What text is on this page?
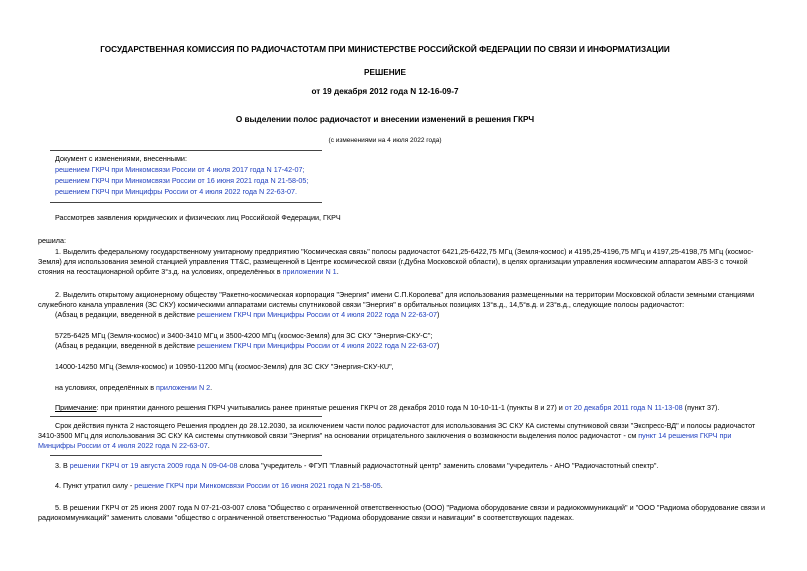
ГОСУДАРСТВЕННАЯ КОМИССИЯ ПО РАДИОЧАСТОТАМ ПРИ МИНИСТЕРСТВЕ РОССИЙСКОЙ ФЕДЕРАЦИИ ПО СВЯЗИ И ИНФОРМАТИЗАЦИИ
РЕШЕНИЕ
от 19 декабря 2012 года N 12-16-09-7
О выделении полос радиочастот и внесении изменений в решения ГКРЧ
(с изменениями на 4 июля 2022 года)
Документ с изменениями, внесенными:
решением ГКРЧ при Минкомсвязи России от 4 июля 2017 года N 17-42-07;
решением ГКРЧ при Минкомсвязи России от 16 июня 2021 года N 21-58-05;
решением ГКРЧ при Минцифры России от 4 июля 2022 года N 22-63-07.
Рассмотрев заявления юридических и физических лиц Российской Федерации, ГКРЧ
решила:
1. Выделить федеральному государственному унитарному предприятию "Космическая связь" полосы радиочастот 6421,25-6422,75 МГц (Земля-космос) и 4195,25-4196,75 МГц и 4197,25-4198,75 МГц (космос-
Земля) для использования земной станцией управления TT&C, размещенной в Центре космической связи (г.Дубна Московской области), в целях организации управления космическим аппаратом ABS-3 с точкой
стояния на геостационарной орбите 3°з.д. на условиях, определённых в приложении N 1.
2. Выделить открытому акционерному обществу "Ракетно-космическая корпорация "Энергия" имени С.П.Королева" для использования размещенными на территории Московской области земными станциями
служебного канала управления (ЗС СКУ) космическими аппаратами системы спутниковой связи "Энергия" в орбитальных позициях 13°в.д., 14,5°в.д. и 23°в.д., следующие полосы радиочастот:
(Абзац в редакции, введенной в действие решением ГКРЧ при Минцифры России от 4 июля 2022 года N 22-63-07)
5725-6425 МГц (Земля-космос) и 3400-3410 МГц и 3500-4200 МГц (космос-Земля) для ЗС СКУ "Энергия-СКУ-С";
(Абзац в редакции, введенной в действие решением ГКРЧ при Минцифры России от 4 июля 2022 года N 22-63-07)
14000-14250 МГц (Земля-космос) и 10950-11200 МГц (космос-Земля) для ЗС СКУ "Энергия-СКУ-КU",
на условиях, определённых в приложении N 2.
Примечание: при принятии данного решения ГКРЧ учитывались ранее принятые решения ГКРЧ от 28 декабря 2010 года N 10-10-11-1 (пункты 8 и 27) и от 20 декабря 2011 года N 11-13-08 (пункт 37).
Срок действия пункта 2 настоящего Решения продлен до 28.12.2030, за исключением части полос радиочастот для использования ЗС СКУ КА системы спутниковой связи "Экспресс-ВД" и полосы радиочастот
3410-3500 МГц для использования ЗС СКУ КА системы спутниковой связи "Энергия" на основании отрицательного заключения о возможности выделения полос радиочастот - см пункт 14 решения ГКРЧ при
Минцифры России от 4 июля 2022 года N 22-63-07.
3. В решении ГКРЧ от 19 августа 2009 года N 09-04-08 слова "учредитель - ФГУП "Главный радиочастотный центр" заменить словами "учредитель - АНО "Радиочастотный спектр".
4. Пункт утратил силу - решение ГКРЧ при Минкомсвязи России от 16 июня 2021 года N 21-58-05.
5. В решении ГКРЧ от 25 июня 2007 года N 07-21-03-007 слова "Общество с ограниченной ответственностью (ООО) "Радиома оборудование связи и радиокоммуникаций" и "ООО "Радиома оборудование связи и
радиокоммуникаций" заменить словами "общество с ограниченной ответственностью "Радиома оборудование связи и навигации" в соответствующих падежах.
